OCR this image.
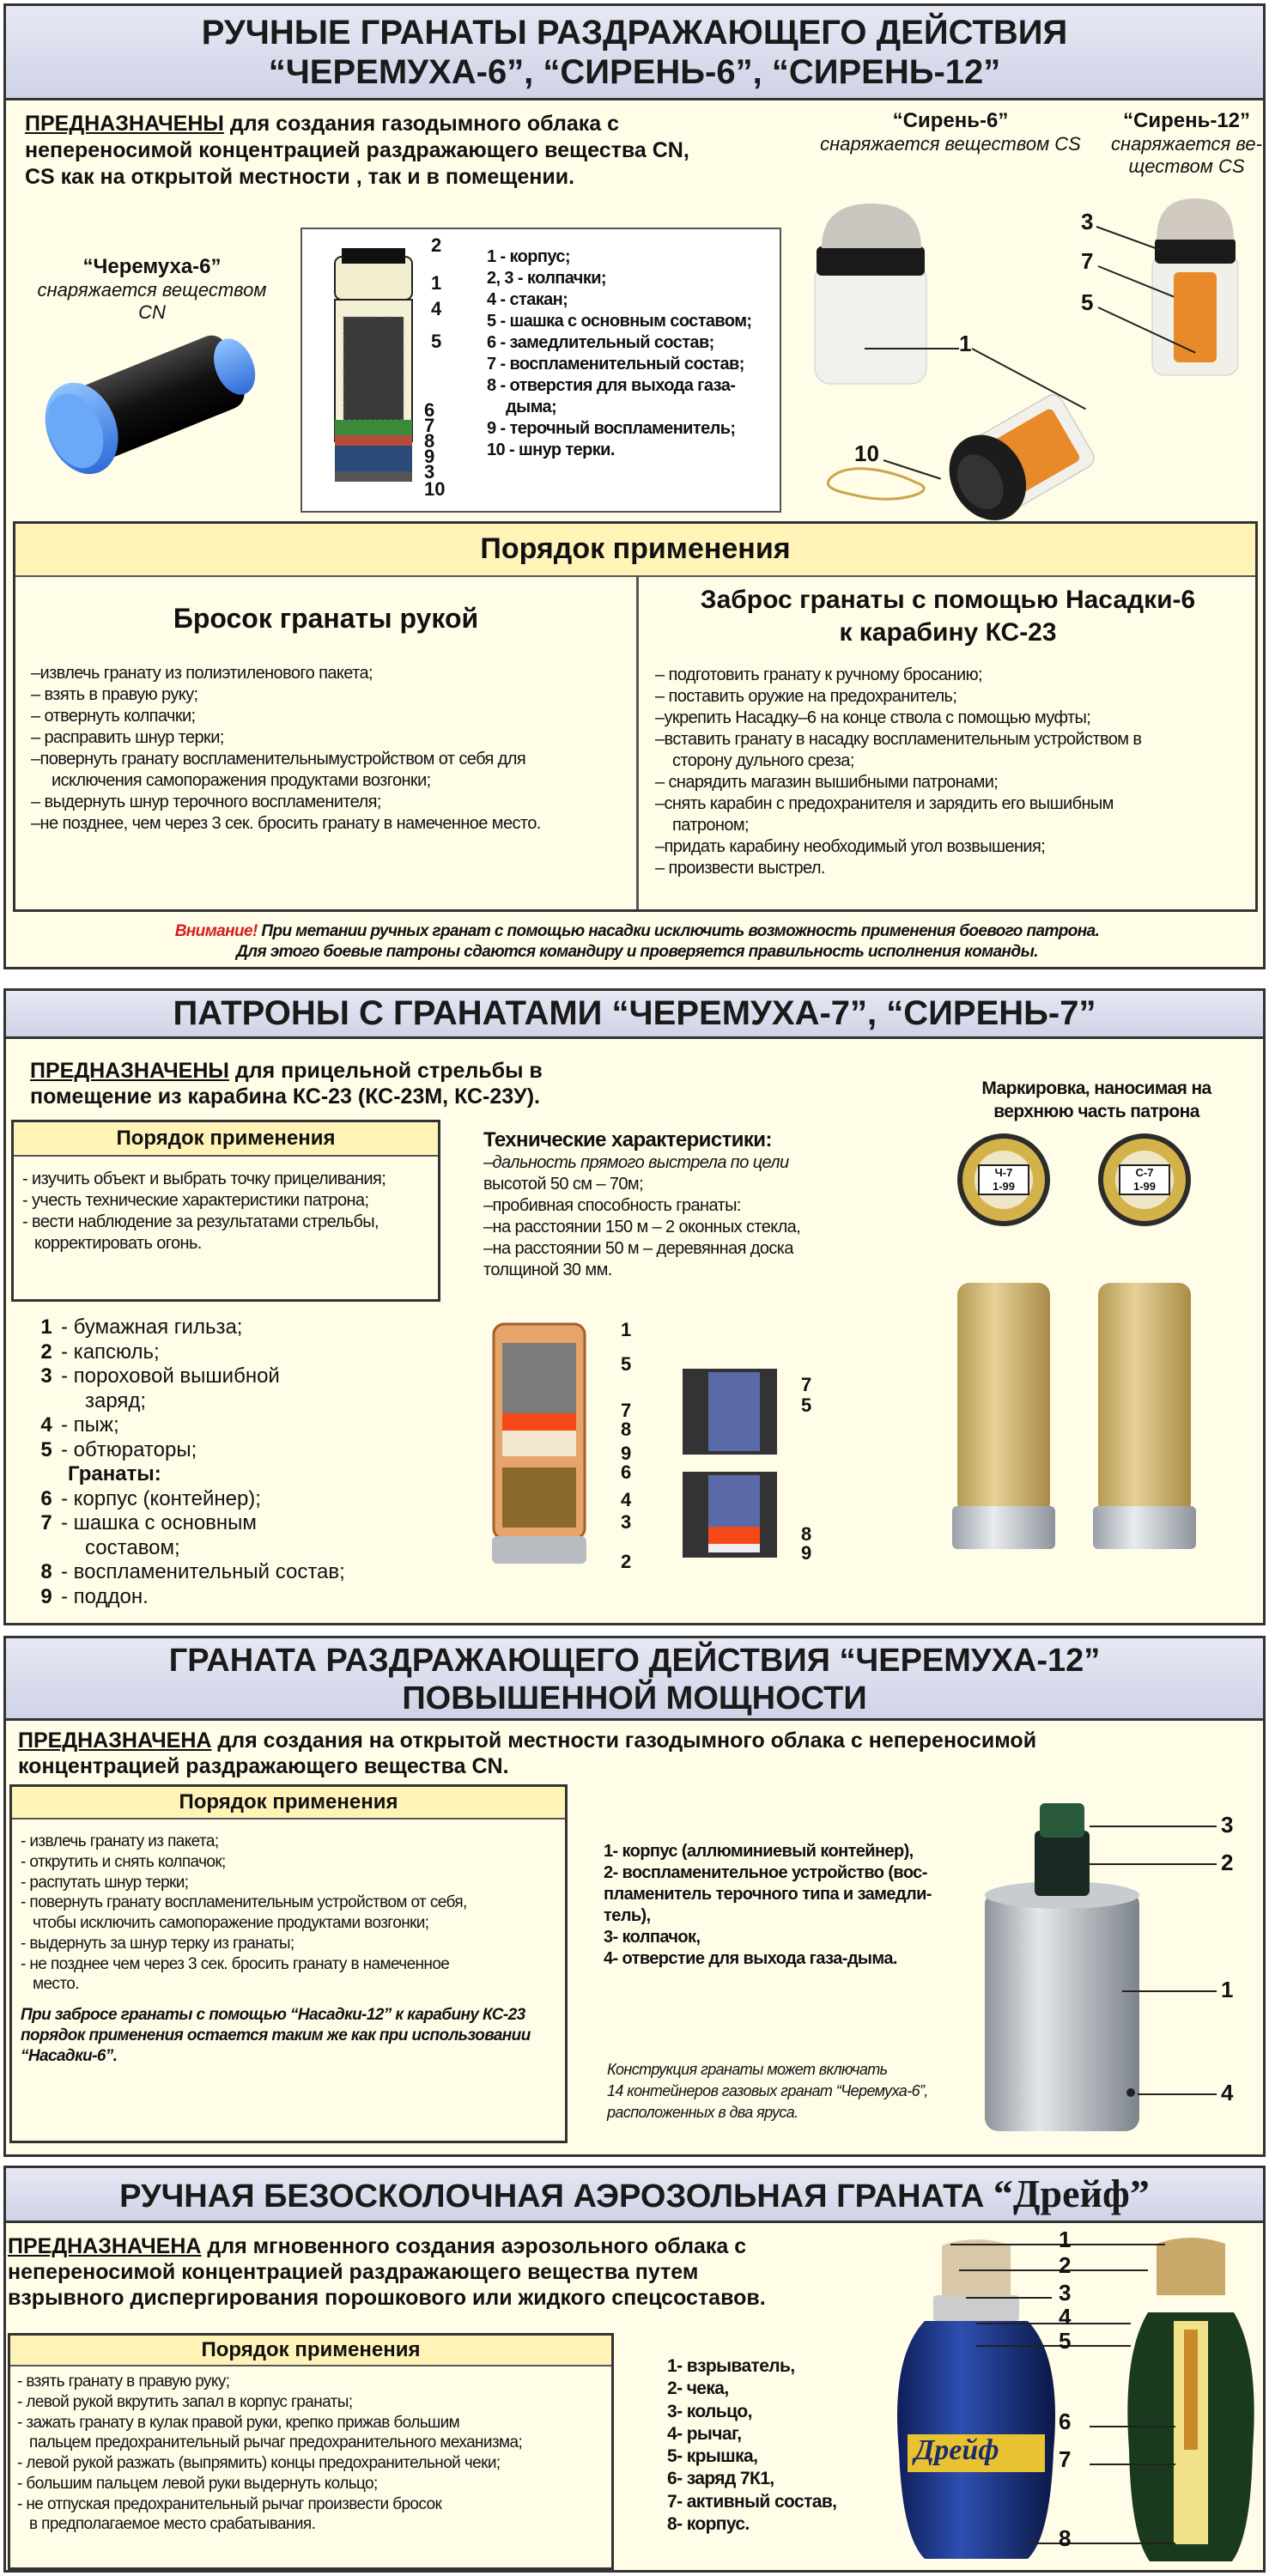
РУЧНЫЕ ГРАНАТЫ РАЗДРАЖАЮЩЕГО ДЕЙСТВИЯ
“ЧЕРЕМУХА-6”, “СИРЕНЬ-6”, “СИРЕНЬ-12”
ПРЕДНАЗНАЧЕНЫ для создания газодымного облака с непереносимой концентрацией раздражающего вещества CN, CS как на открытой местности , так и в помещении.
“Черемуха-6”
снаряжается веществом CN
2
1
4
5
6
7
8
9
3
10
1 - корпус;
2, 3 - колпачки;
4 - стакан;
5 - шашка с основным составом;
6 - замедлительный состав;
7 - воспламенительный состав;
8 - отверстия для выхода газа-
дыма;
9 - терочный воспламенитель;
10 - шнур терки.
“Сирень-6”
снаряжается веществом CS
“Сирень-12”
снаряжается ве-
ществом CS
3
7
5
1
10
Порядок применения
Бросок гранаты рукой
–извлечь гранату из полиэтиленового пакета;
– взять в правую руку;
– отвернуть колпачки;
– расправить шнур терки;
–повернуть гранату воспламенительнымустройством от себя для
исключения самопоражения продуктами возгонки;
– выдернуть шнур терочного воспламенителя;
–не позднее, чем через 3 сек. бросить гранату в намеченное место.
Заброс гранаты с помощью Насадки-6
к карабину КС-23
– подготовить гранату к ручному бросанию;
– поставить оружие на предохранитель;
–укрепить Насадку–6 на конце ствола с помощью муфты;
–вставить гранату в насадку воспламенительным устройством в
сторону дульного среза;
– снарядить магазин вышибными патронами;
–снять карабин с предохранителя и зарядить его вышибным
патроном;
–придать карабину необходимый угол возвышения;
– произвести выстрел.
Внимание! При метании ручных гранат с помощью насадки исключить возможность применения боевого патрона.
Для этого боевые патроны сдаются командиру и проверяется правильность исполнения команды.
ПАТРОНЫ С ГРАНАТАМИ “ЧЕРЕМУХА-7”, “СИРЕНЬ-7”
ПРЕДНАЗНАЧЕНЫ для прицельной стрельбы в
помещение из карабина КС-23 (КС-23М, КС-23У).
Порядок применения
- изучить объект и выбрать точку прицеливания;
- учесть технические характеристики патрона;
- вести наблюдение за результатами стрельбы,
корректировать огонь.
Технические характеристики:
–дальность прямого выстрела по цели
высотой 50 см – 70м;
–пробивная способность гранаты:
–на расстоянии 150 м – 2 оконных стекла,
–на расстоянии 50 м – деревянная доска
толщиной 30 мм.
Маркировка, наносимая на
верхнюю часть патрона
Ч-7
1-99
С-7
1-99
1 - бумажная гильза;
2 - капсюль;
3 - пороховой вышибной
заряд;
4 - пыж;
5 - обтюраторы;
Гранаты:
6 - корпус (контейнер);
7 - шашка с основным
составом;
8 - воспламенительный состав;
9 - поддон.
1
5
7
8
9
6
4
3
2
7
5
8
9
ГРАНАТА РАЗДРАЖАЮЩЕГО ДЕЙСТВИЯ “ЧЕРЕМУХА-12”
ПОВЫШЕННОЙ МОЩНОСТИ
ПРЕДНАЗНАЧЕНА для создания на открытой местности газодымного облака с непереносимой
концентрацией раздражающего вещества CN.
Порядок применения
- извлечь гранату из пакета;
- открутить и снять колпачок;
- распутать шнур терки;
- повернуть гранату воспламенительным устройством от себя,
чтобы исключить самопоражение продуктами возгонки;
- выдернуть за шнур терку из гранаты;
- не позднее чем через 3 сек. бросить гранату в намеченное
место.
При забросе гранаты с помощью “Насадки-12” к карабину КС-23
порядок применения остается таким же как при использовании
“Насадки-6”.
1- корпус (аллюминиевый контейнер),
2- воспламенительное устройство (вос-
пламенитель терочного типа и замедли-
тель),
3- колпачок,
4- отверстие для выхода газа-дыма.
Конструкция гранаты может включать
14 контейнеров газовых гранат “Черемуха-6”,
расположенных в два яруса.
3
2
1
4
РУЧНАЯ БЕЗОСКОЛОЧНАЯ АЭРОЗОЛЬНАЯ ГРАНАТА “Дрейф”
ПРЕДНАЗНАЧЕНА для мгновенного создания аэрозольного облака с
непереносимой концентрацией раздражающего вещества путем
взрывного диспергирования порошкового или жидкого спецсоставов.
Порядок применения
- взять гранату в правую руку;
- левой рукой вкрутить запал в корпус гранаты;
- зажать гранату в кулак правой руки, крепко прижав большим
пальцем предохранительный рычаг предохранительного механизма;
- левой рукой разжать (выпрямить) концы предохранительной чеки;
- большим пальцем левой руки выдернуть кольцо;
- не отпуская предохранительный рычаг произвести бросок
в предполагаемое место срабатывания.
1- взрыватель,
2- чека,
3- кольцо,
4- рычаг,
5- крышка,
6- заряд 7К1,
7- активный состав,
8- корпус.
Дрейф
1
2
3
4
5
6
7
8
